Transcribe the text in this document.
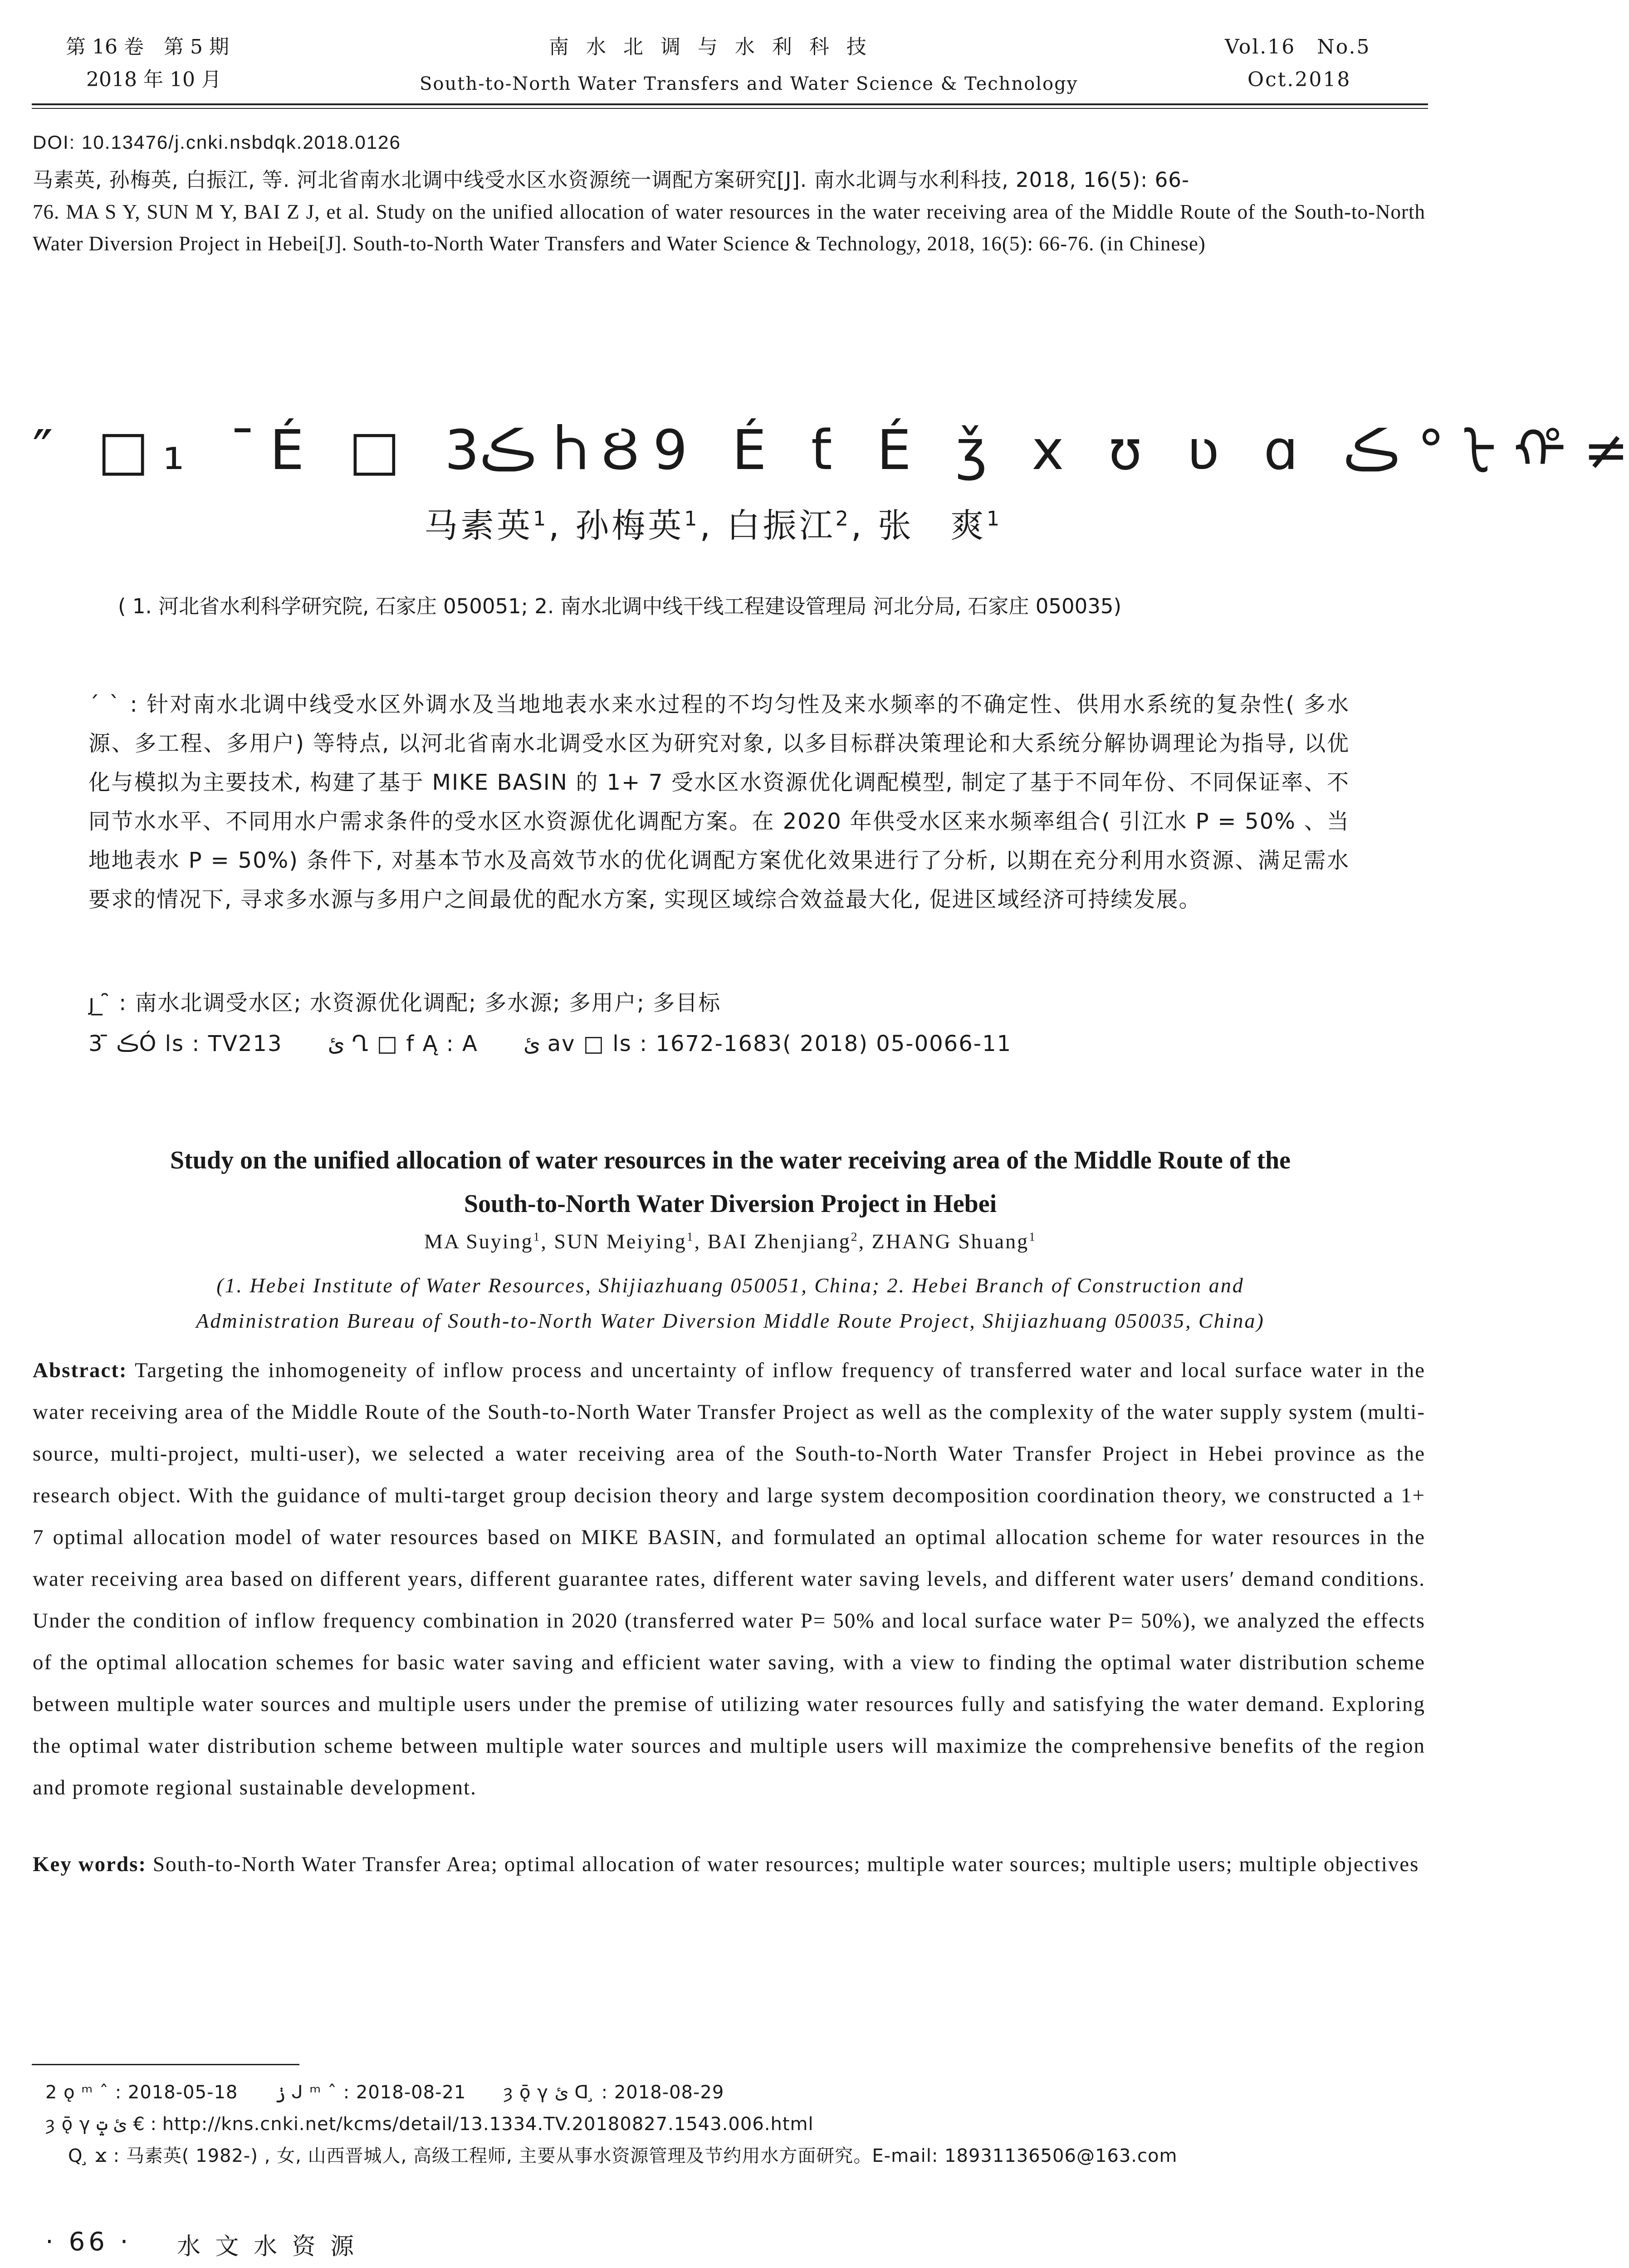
第 16 卷　第 5 期
2018 年 10 月
南 水 北 调 与 水 利 科 技
South-to-North Water Transfers and Water Science & Technology
Vol.16　No.5
Oct.2018
DOI: 10.13476/j.cnki.nsbdqk.2018.0126
马素英, 孙梅英, 白振江, 等. 河北省南水北调中线受水区水资源统一调配方案研究[J]. 南水北调与水利科技, 2018, 16(5): 66-
76. MA S Y, SUN M Y, BAI Z J, et al. Study on the unified allocation of water resources in the water receiving area of the Middle Route of the South-to-North Water Diversion Project in Hebei[J]. South-to-North Water Transfers and Water Science & Technology, 2018, 16(5): 66-76. (in Chinese)
″ □₁ ¯É □ ڪ3 ႹȢ9 É ƭ É ǯ x ʊ ʋ ɑ ڪ ° ᡶ ᡥ ≠
马素英$^1$, 孙梅英$^1$, 白振江$^2$, 张　爽$^1$
( 1. 河北省水利科学研究院, 石家庄 050051; 2. 南水北调中线干线工程建设管理局 河北分局, 石家庄 050035)
ˊ ˋ : 针对南水北调中线受水区外调水及当地地表水来水过程的不均匀性及来水频率的不确定性、供用水系统的复杂性( 多水源、多工程、多用户) 等特点, 以河北省南水北调受水区为研究对象, 以多目标群决策理论和大系统分解协调理论为指导, 以优化与模拟为主要技术, 构建了基于 MIKE BASIN 的 1+ 7 受水区水资源优化调配模型, 制定了基于不同年份、不同保证率、不同节水水平、不同用水户需求条件的受水区水资源优化调配方案。在 2020 年供受水区来水频率组合( 引江水 P = 50% 、当地地表水 P = 50%) 条件下, 对基本节水及高效节水的优化调配方案优化效果进行了分析, 以期在充分利用水资源、满足需水要求的情况下, 寻求多水源与多用户之间最优的配水方案, 实现区域综合效益最大化, 促进区域经济可持续发展。
ȷ ̲ ̑ : 南水北调受水区; 水资源优化调配; 多水源; 多用户; 多目标
3 ̄ ڪÓ ls : TV213　　ئ Ղ □ f Ą : A　　ئ av □ ls : 1672-1683( 2018) 05-0066-11
Study on the unified allocation of water resources in the water receiving area of the Middle Route of the
South-to-North Water Diversion Project in Hebei
MA Suying$^1$, SUN Meiying$^1$, BAI Zhenjiang$^2$, ZHANG Shuang$^1$
(1. Hebei Institute of Water Resources, Shijiazhuang 050051, China; 2. Hebei Branch of Construction and
Administration Bureau of South-to-North Water Diversion Middle Route Project, Shijiazhuang 050035, China)
Abstract: Targeting the inhomogeneity of inflow process and uncertainty of inflow frequency of transferred water and local surface water in the water receiving area of the Middle Route of the South-to-North Water Transfer Project as well as the complexity of the water supply system (multi-source, multi-project, multi-user), we selected a water receiving area of the South-to-North Water Transfer Project in Hebei province as the research object. With the guidance of multi-target group decision theory and large system decomposition coordination theory, we constructed a 1+ 7 optimal allocation model of water resources based on MIKE BASIN, and formulated an optimal allocation scheme for water resources in the water receiving area based on different years, different guarantee rates, different water saving levels, and different water users′ demand conditions. Under the condition of inflow frequency combination in 2020 (transferred water P= 50% and local surface water P= 50%), we analyzed the effects of the optimal allocation schemes for basic water saving and efficient water saving, with a view to finding the optimal water distribution scheme between multiple water sources and multiple users under the premise of utilizing water resources fully and satisfying the water demand. Exploring the optimal water distribution scheme between multiple water sources and multiple users will maximize the comprehensive benefits of the region and promote regional sustainable development.
Key words: South-to-North Water Transfer Area; optimal allocation of water resources; multiple water sources; multiple users; multiple objectives
2 ǫ ᵐ ˆ : 2018-05-18　　ݫ ᒍ ᵐ ˆ : 2018-08-21　　ȝ ǭ γ ئ ᗡ ̧ : 2018-08-29
ȝ ǭ γ ئ ݓ € : http://kns.cnki.net/kcms/detail/13.1334.TV.20180827.1543.006.html
Q ̧ ϫ : 马素英( 1982-) , 女, 山西晋城人, 高级工程师, 主要从事水资源管理及节约用水方面研究。E-mail: 18931136506@163.com
· 66 · 水 文 水 资 源
